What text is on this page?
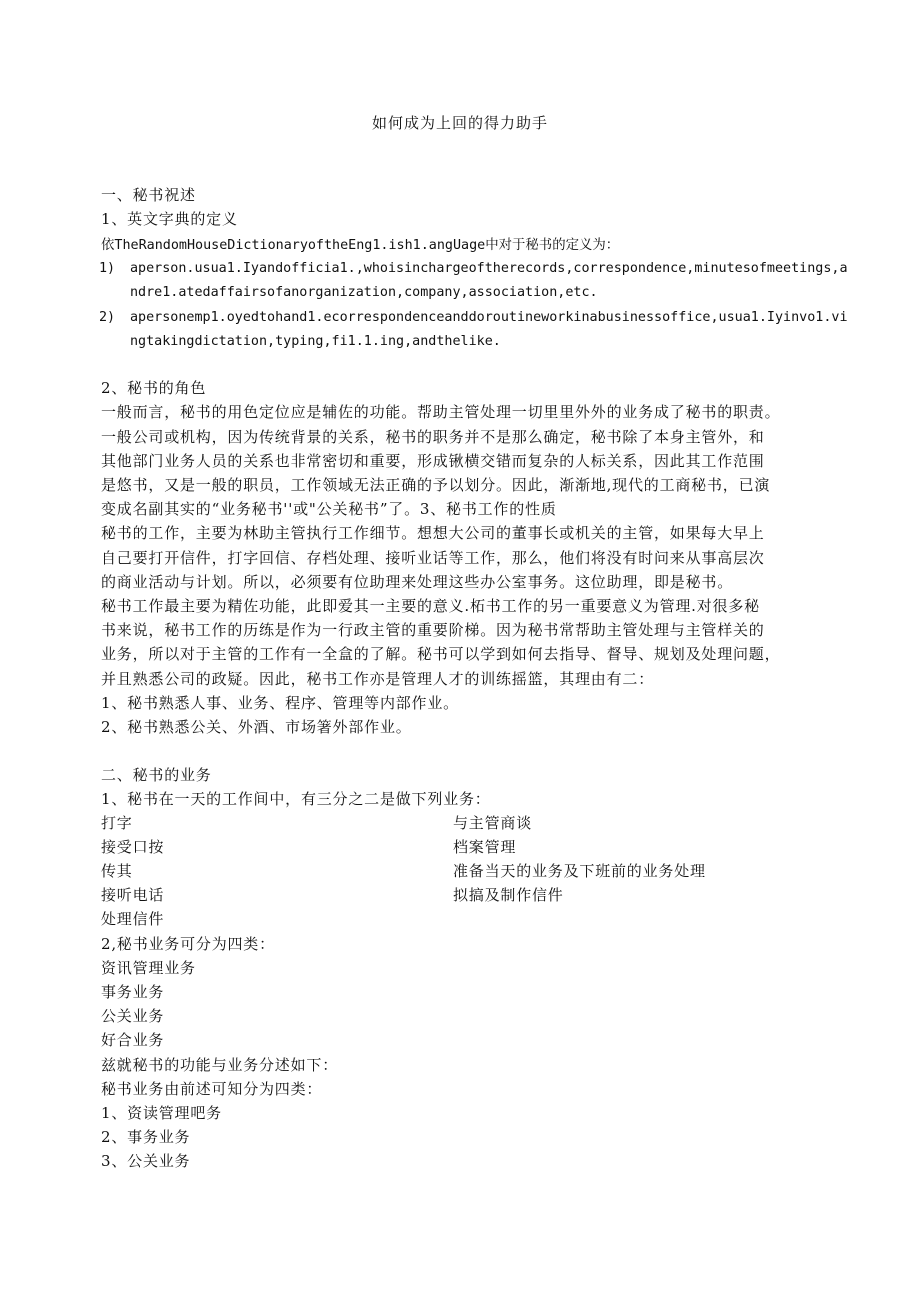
如何成为上回的得力助手
一、秘书祝述
1、英文字典的定义
依TheRandomHouseDictionaryoftheEng1.ish1.angUage中对于秘书的定义为：
1) aperson.usua1.Iyandofficia1.,whoisinchargeoftherecords,correspondence,minutesofmeetings,a
ndre1.atedaffairsofanorganization,company,association,etc.
2) apersonemp1.oyedtohand1.ecorrespondenceanddoroutineworkinabusinessoffice,usua1.Iyinvo1.vi
ngtakingdictation,typing,fi1.1.ing,andthelike.
2、秘书的角色
一般而言，秘书的用色定位应是辅佐的功能。帮助主管处理一切里里外外的业务成了秘书的职责。
一般公司或机构，因为传统背景的关系，秘书的职务并不是那么确定，秘书除了本身主管外，和
其他部门业务人员的关系也非常密切和重要，形成锹横交错而复杂的人标关系，因此其工作范围
是悠书，又是一般的职员，工作领域无法正确的予以划分。因此，渐渐地,现代的工商秘书，已演
变成名副其实的“业务秘书''或"公关秘书”了。3、秘书工作的性质
秘书的工作，主要为林助主管执行工作细节。想想大公司的董事长或机关的主管，如果每大早上
自己要打开信件，打字回信、存档处理、接听业话等工作，那么，他们将没有时问来从事高层次
的商业活动与计划。所以，必须要有位助理来处理这些办公室事务。这位助理，即是秘书。
秘书工作最主要为精佐功能，此即爱其一主要的意义.柘书工作的另一重要意义为管理.对很多秘
书来说，秘书工作的历练是作为一行政主管的重要阶梯。因为秘书常帮助主管处理与主管样关的
业务，所以对于主管的工作有一全盒的了解。秘书可以学到如何去指导、督导、规划及处理问题，
并且熟悉公司的政疑。因此，秘书工作亦是管理人才的训练摇篮，其理由有二：
1、秘书熟悉人事、业务、程序、管理等内部作业。
2、秘书熟悉公关、外酒、市场箸外部作业。
二、秘书的业务
1、秘书在一天的工作间中，有三分之二是做下列业务：
打字	与主管商谈
接受口按	档案管理
传其	准备当天的业务及下班前的业务处理
接听电话	拟搞及制作信件
处理信件
2,秘书业务可分为四类：
资讯管理业务
事务业务
公关业务
好合业务
兹就秘书的功能与业务分述如下：
秘书业务由前述可知分为四类：
1、资读管理吧务
2、事务业务
3、公关业务
